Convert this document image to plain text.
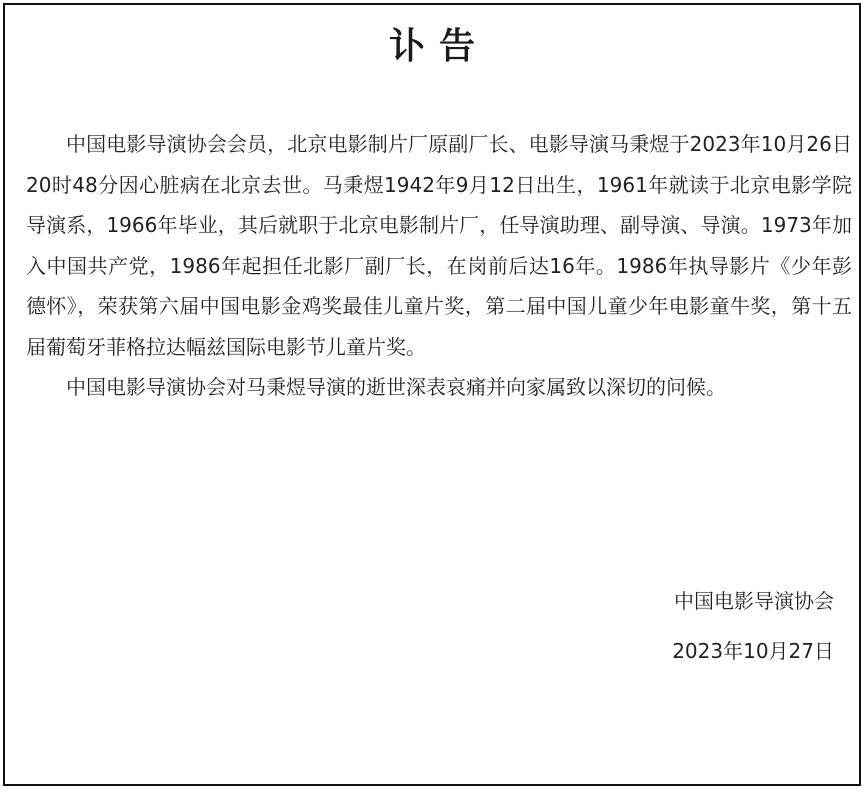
讣告

中国电影导演协会会员，北京电影制片厂原副厂长、电影导演马秉煜于2023年10月26日20时48分因心脏病在北京去世。马秉煜1942年9月12日出生，1961年就读于北京电影学院导演系，1966年毕业，其后就职于北京电影制片厂，任导演助理、副导演、导演。1973年加入中国共产党，1986年起担任北影厂副厂长，在岗前后达16年。1986年执导影片《少年彭德怀》，荣获第六届中国电影金鸡奖最佳儿童片奖，第二届中国儿童少年电影童牛奖，第十五届葡萄牙菲格拉达幅兹国际电影节儿童片奖。

中国电影导演协会对马秉煜导演的逝世深表哀痛并向家属致以深切的问候。

中国电影导演协会
2023年10月27日
